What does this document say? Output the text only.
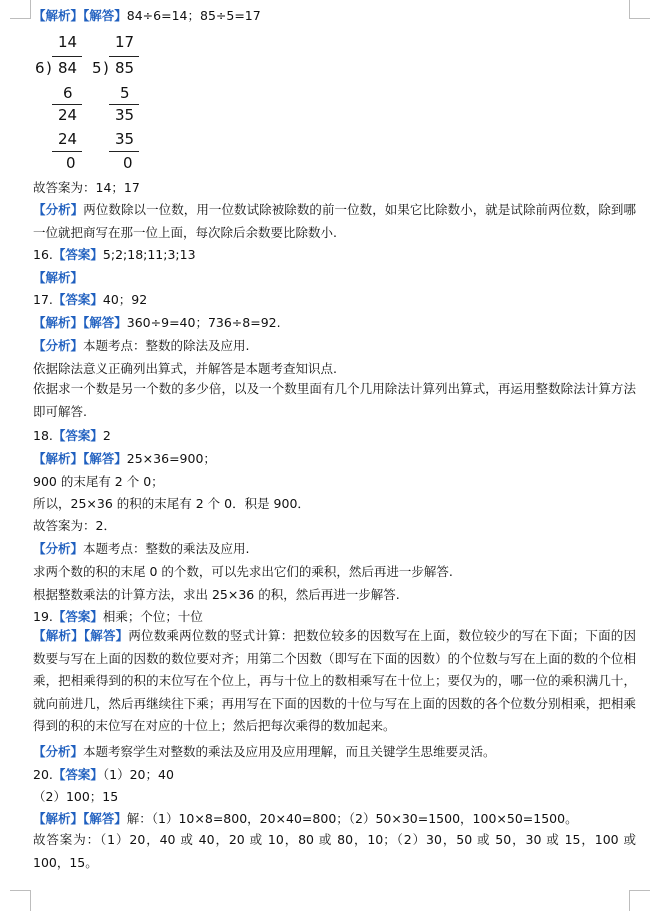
【解析】【解答】84÷6=14；85÷5=17
14
6 ) 84
6
24
24
0
17
5 ) 85
5
35
35
0
故答案为：14；17
【分析】两位数除以一位数，用一位数试除被除数的前一位数，如果它比除数小，就是试除前两位数，除到哪一位就把商写在那一位上面，每次除后余数要比除数小.
16.【答案】5;2;18;11;3;13
【解析】
17.【答案】40；92
【解析】【解答】360÷9=40；736÷8=92.
【分析】本题考点：整数的除法及应用.
依据除法意义正确列出算式，并解答是本题考查知识点.
依据求一个数是另一个数的多少倍，以及一个数里面有几个几用除法计算列出算式，再运用整数除法计算方法即可解答.
18.【答案】2
【解析】【解答】25×36=900；
900 的末尾有 2 个 0；
所以，25×36 的积的末尾有 2 个 0．积是 900．
故答案为：2．
【分析】本题考点：整数的乘法及应用.
求两个数的积的末尾 0 的个数，可以先求出它们的乘积，然后再进一步解答.
根据整数乘法的计算方法，求出 25×36 的积，然后再进一步解答.
19.【答案】相乘；个位；十位
【解析】【解答】两位数乘两位数的竖式计算：把数位较多的因数写在上面，数位较少的写在下面；下面的因数要与写在上面的因数的数位要对齐；用第二个因数（即写在下面的因数）的个位数与写在上面的数的个位相乘，把相乘得到的积的末位写在个位上，再与十位上的数相乘写在十位上；要仅为的，哪一位的乘积满几十，就向前进几，然后再继续往下乘；再用写在下面的因数的十位与写在上面的因数的各个位数分别相乘，把相乘得到的积的末位写在对应的十位上；然后把每次乘得的数加起来。
【分析】本题考察学生对整数的乘法及应用及应用理解，而且关键学生思维要灵活。
20.【答案】（1）20；40
（2）100；15
【解析】【解答】解：（1）10×8=800，20×40=800；（2）50×30=1500，100×50=1500。
故答案为：（1）20，40 或 40，20 或 10，80 或 80，10；（2）30，50 或 50，30 或 15，100 或 100，15。
